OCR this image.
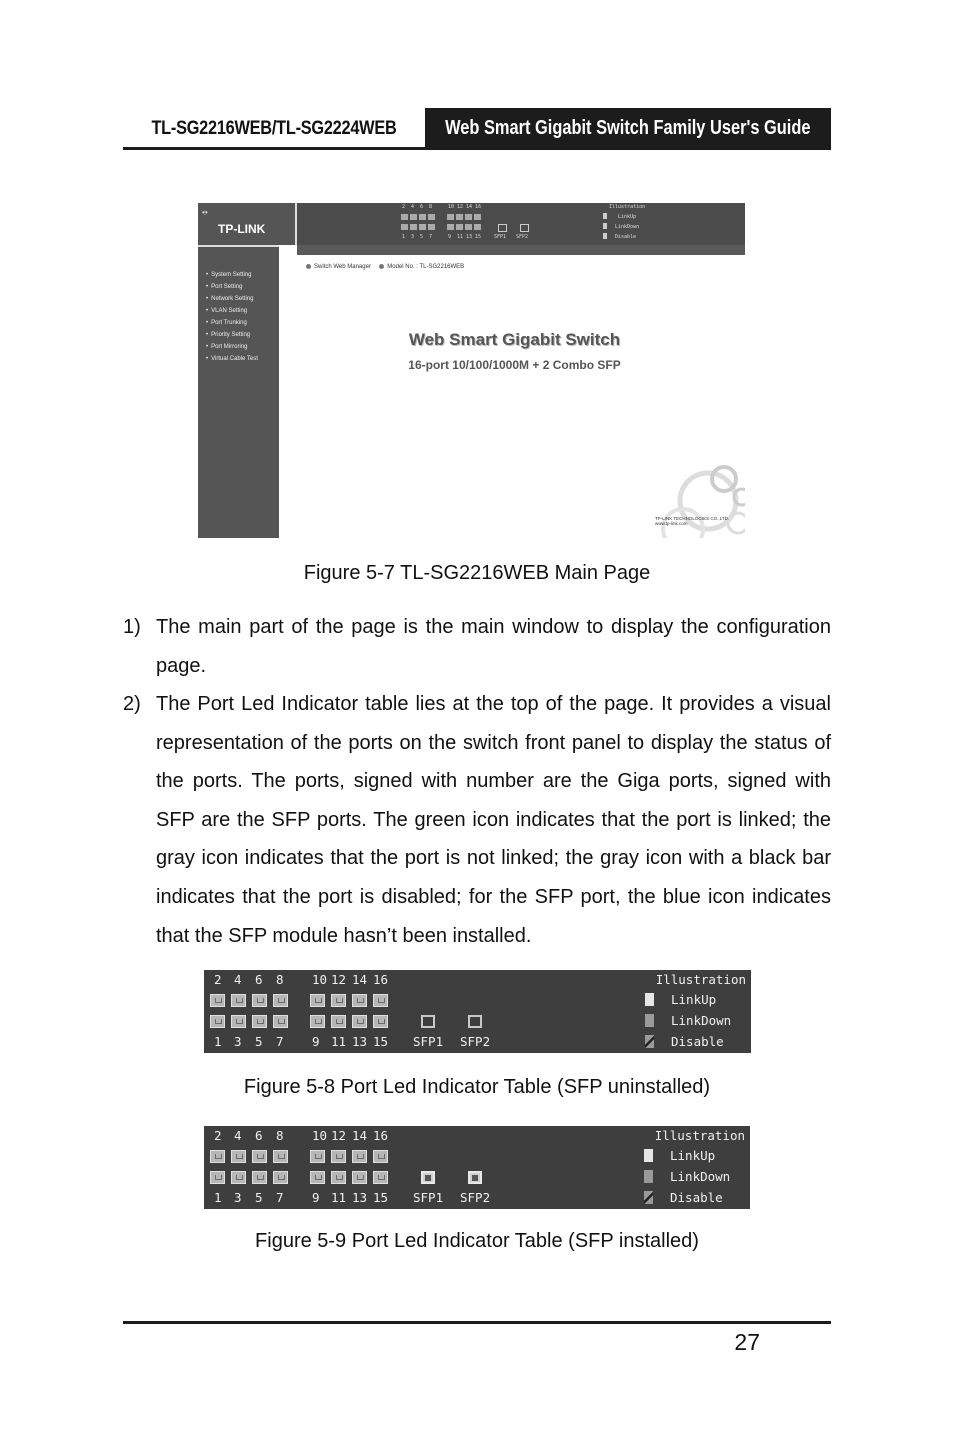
TL-SG2216WEB/TL-SG2224WEB	Web Smart Gigabit Switch Family User's Guide
•:•
TP-LINK
• System Setting
• Port Setting
• Network Setting
• VLAN Setting
• Port Trunking
• Priority Setting
• Port Mirroring
• Virtual Cable Test
Switch Web Manager	Model No. : TL-SG2216WEB
Web Smart Gigabit Switch
16-port 10/100/1000M + 2 Combo SFP
TP-LINK TECHNOLOGIES CO.,LTD.
www.tp-link.com
2 4 6 8	10 12 14 16
1 3 5 7	9 11 13 15	SFP1 SFP2
Illustration
LinkUp
LinkDown
Disable
Figure 5-7 TL-SG2216WEB Main Page
1) The main part of the page is the main window to display the configuration page.
2) The Port Led Indicator table lies at the top of the page. It provides a visual representation of the ports on the switch front panel to display the status of the ports. The ports, signed with number are the Giga ports, signed with SFP are the SFP ports. The green icon indicates that the port is linked; the gray icon indicates that the port is not linked; the gray icon with a black bar indicates that the port is disabled; for the SFP port, the blue icon indicates that the SFP module hasn’t been installed.
2 4 6 8 10 12 14 16
1 3 5 7 9 11 13 15 SFP1 SFP2
Illustration
LinkUp
LinkDown
Disable
Figure 5-8 Port Led Indicator Table (SFP uninstalled)
2 4 6 8 10 12 14 16
1 3 5 7 9 11 13 15 SFP1 SFP2
Illustration
LinkUp
LinkDown
Disable
Figure 5-9 Port Led Indicator Table (SFP installed)
27
